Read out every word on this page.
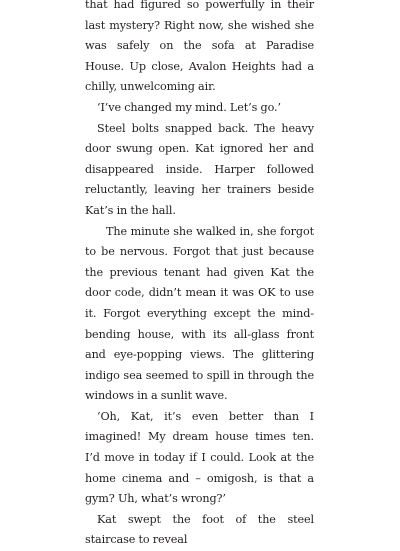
that had figured so powerfully in their last mystery? Right now, she wished she was safely on the sofa at Paradise House. Up close, Avalon Heights had a chilly, unwelcoming air.

‘I’ve changed my mind. Let’s go.’

Steel bolts snapped back. The heavy door swung open. Kat ignored her and disappeared inside. Harper followed reluctantly, leaving her trainers beside Kat’s in the hall.

The minute she walked in, she forgot to be nervous. Forgot that just because the previous tenant had given Kat the door code, didn’t mean it was OK to use it. Forgot everything except the mind-bending house, with its all-glass front and eye-popping views. The glittering indigo sea seemed to spill in through the windows in a sunlit wave.

‘Oh, Kat, it’s even better than I imagined! My dream house times ten. I’d move in today if I could. Look at the home cinema and – omigosh, is that a gym? Uh, what’s wrong?’

Kat swept the foot of the steel staircase to reveal
